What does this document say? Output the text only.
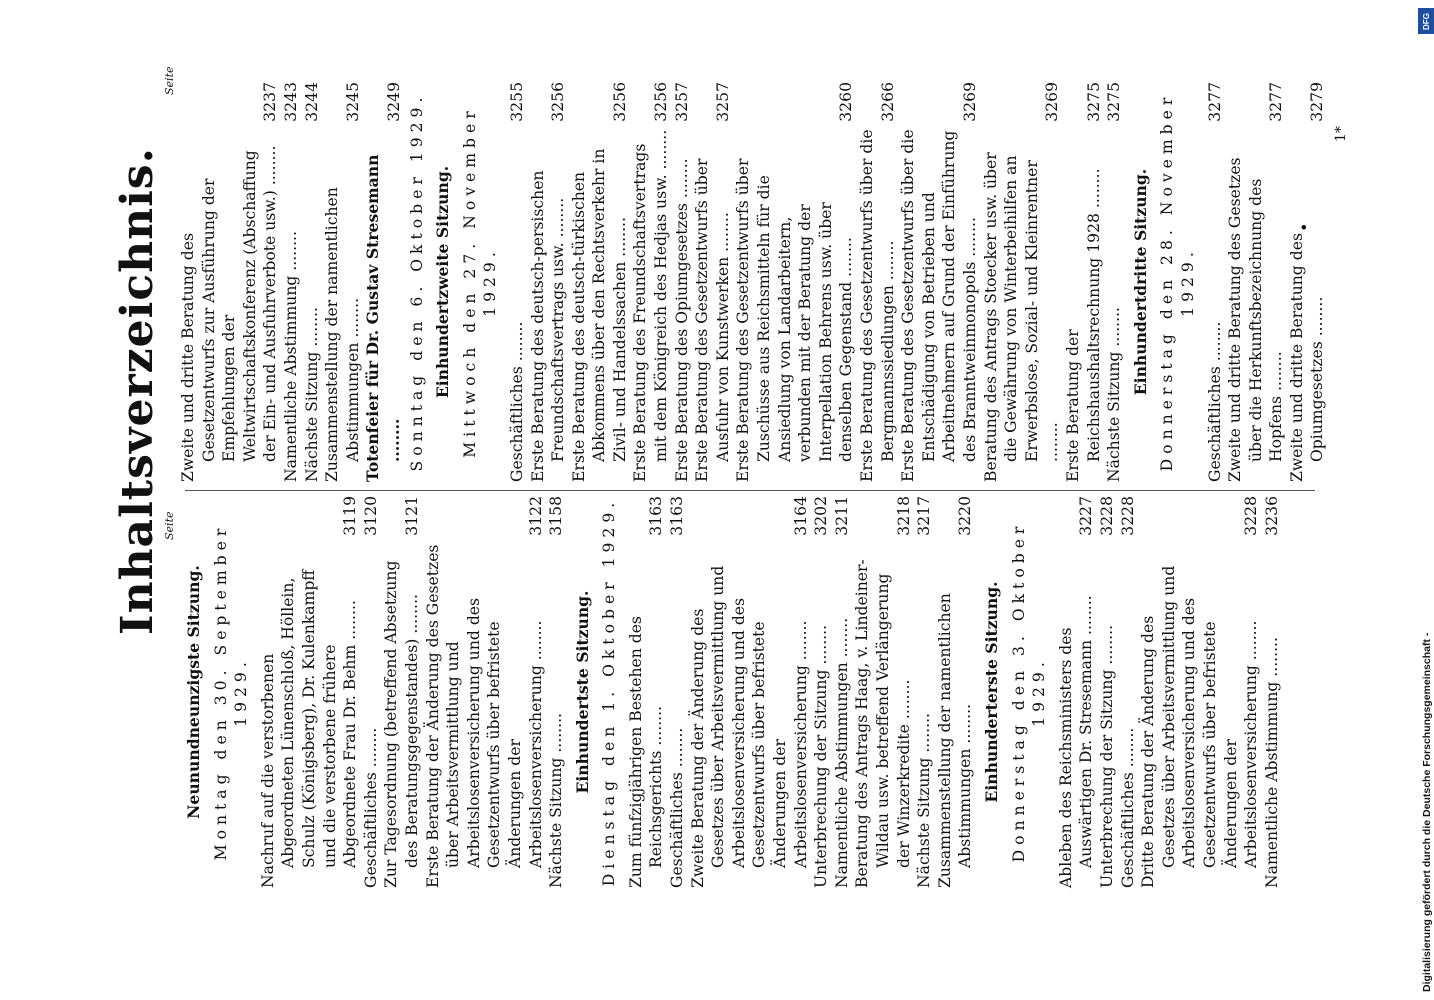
Inhaltsverzeichnis. Seite
Seite
Neunundneunzigste Sitzung. Montag den 30. September 1929. Nachruf auf die verstorbenen Abgeordneten Lünenschloß, Höllein, Schulz (Königsberg), Dr. Kulenkampff und die verstorbene frühere Abgeordnete Frau Dr. Behm ........
3119
Geschäftliches ........
3120
Zur Tagesordnung (betreffend Absetzung des Beratungsgegenstandes) ........
3121
Erste Beratung der Änderung des Gesetzes über Arbeitsvermittlung und Arbeitslosenversicherung und des Gesetzentwurfs über befristete Änderungen der Arbeitslosenversicherung ........
3122
Nächste Sitzung ........
3158
Einhundertste Sitzung. Dienstag den 1. Oktober 1929. Zum fünfzigjährigen Bestehen des Reichsgerichts ........
3163
Geschäftliches ........
3163
Zweite Beratung der Änderung des Gesetzes über Arbeitsvermittlung und Arbeitslosenversicherung und des Gesetzentwurfs über befristete Änderungen der Arbeitslosenversicherung ........
3164
Unterbrechung der Sitzung ........
3202
Namentliche Abstimmungen ........
3211
Beratung des Antrags Haag, v. Lindeiner-Wildau usw. betreffend Verlängerung der Winzerkredite ........
3218
Nächste Sitzung ........
3217
Zusammenstellung der namentlichen Abstimmungen ........
3220
Einhunderterste Sitzung. Donnerstag den 3. Oktober 1929. Ableben des Reichsministers des Auswärtigen Dr. Stresemann ........
3227
Unterbrechung der Sitzung ........
3228
Geschäftliches ........
3228
Dritte Beratung der Änderung des Gesetzes über Arbeitsvermittlung und Arbeitslosenversicherung und des Gesetzentwurfs über befristete Änderungen der Arbeitslosenversicherung ........
3228
Namentliche Abstimmung ........
3236
Zweite und dritte Beratung des Gesetzentwurfs zur Ausführung der Empfehlungen der Weltwirtschaftskonferenz (Abschaffung der Ein- und Ausfuhrverbote usw.) ........
3237
Namentliche Abstimmung ........
3243
Nächste Sitzung ........
3244
Zusammenstellung der namentlichen Abstimmungen ........
3245
Totenfeier für Dr. Gustav Stresemann ........
3249 Sonntag den 6. Oktober 1929. Einhundertzweite Sitzung. Mittwoch den 27. November 1929.
Geschäftliches ........
3255
Erste Beratung des deutsch-persischen Freundschaftsvertrags usw. ........
3256
Erste Beratung des deutsch-türkischen Abkommens über den Rechtsverkehr in Zivil- und Handelssachen ........
3256
Erste Beratung des Freundschaftsvertrags mit dem Königreich des Hedjas usw. ........
3256
Erste Beratung des Opiumgesetzes ........
3257
Erste Beratung des Gesetzentwurfs über Ausfuhr von Kunstwerken ........
3257
Erste Beratung des Gesetzentwurfs über Zuschüsse aus Reichsmitteln für die Ansiedlung von Landarbeitern, verbunden mit der Beratung der Interpellation Behrens usw. über denselben Gegenstand ........
3260
Erste Beratung des Gesetzentwurfs über die Bergmannssiedlungen ........
3266
Erste Beratung des Gesetzentwurfs über die Entschädigung von Betrieben und Arbeitnehmern auf Grund der Einführung des Branntweinmonopols ........
3269
Beratung des Antrags Stoecker usw. über die Gewährung von Winterbeihilfen an Erwerbslose, Sozial- und Kleinrentner ........
3269
Erste Beratung der Reichshaushaltsrechnung 1928 ........
3275
Nächste Sitzung ........
3275
Einhundertdritte Sitzung. Donnerstag den 28. November 1929.
Geschäftliches ........
3277
Zweite und dritte Beratung des Gesetzes über die Herkunftsbezeichnung des Hopfens ........
3277
Zweite und dritte Beratung des Opiumgesetzes ........
3279
•
1*
Digitalisierung gefördert durch die Deutsche Forschungsgemeinschaft -
DFG
